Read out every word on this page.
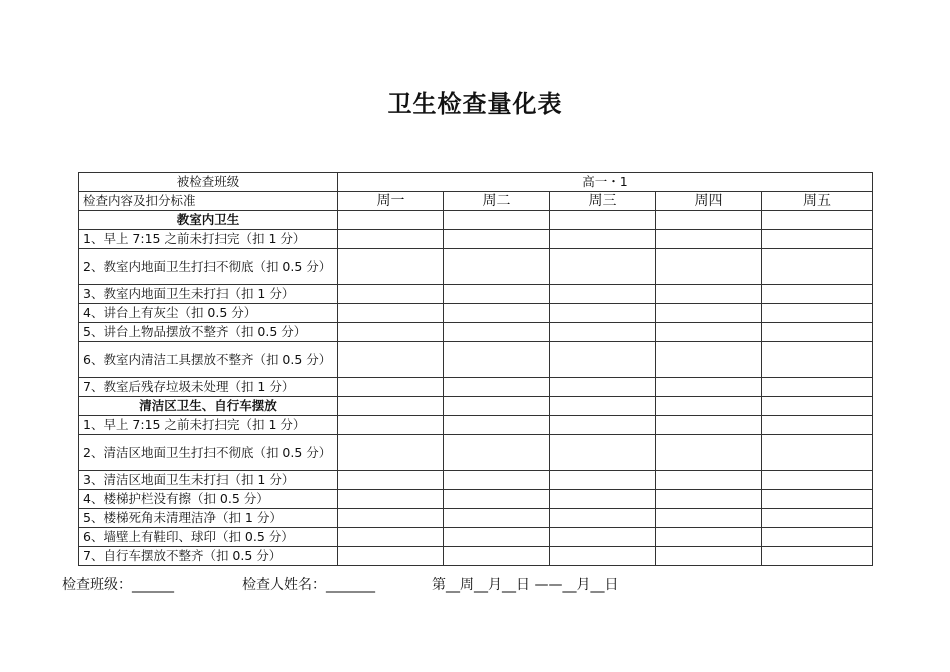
卫生检查量化表
被检查班级	高一・1				
检查内容及扣分标准	周一	周二	周三	周四	周五
教室内卫生					
1、早上 7:15 之前未打扫完（扣 1 分）					
2、教室内地面卫生打扫不彻底（扣 0.5 分）					
3、教室内地面卫生未打扫（扣 1 分）					
4、讲台上有灰尘（扣 0.5 分）					
5、讲台上物品摆放不整齐（扣 0.5 分）					
6、教室内清洁工具摆放不整齐（扣 0.5 分）					
7、教室后残存垃圾未处理（扣 1 分）					
清洁区卫生、自行车摆放					
1、早上 7:15 之前未打扫完（扣 1 分）					
2、清洁区地面卫生打扫不彻底（扣 0.5 分）					
3、清洁区地面卫生未打扫（扣 1 分）					
4、楼梯护栏没有擦（扣 0.5 分）					
5、楼梯死角未清理洁净（扣 1 分）					
6、墙壁上有鞋印、球印（扣 0.5 分）					
7、自行车摆放不整齐（扣 0.5 分）					
检查班级：______	检查人姓名：_______	第__周__月__日 ——__月__日
